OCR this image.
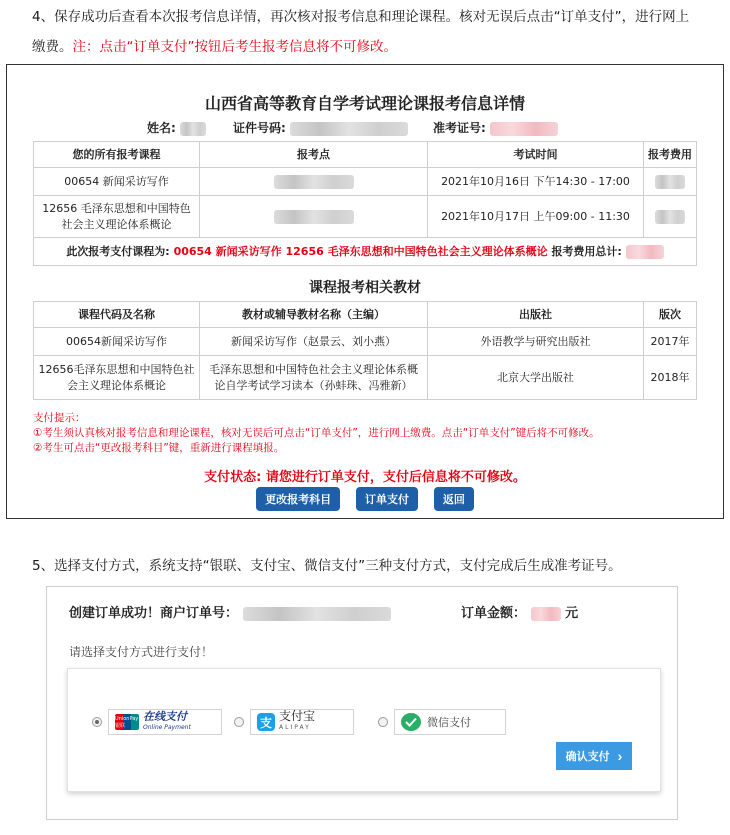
4、保存成功后查看本次报考信息详情，再次核对报考信息和理论课程。核对无误后点击“订单支付”，进行网上
缴费。注：点击“订单支付”按钮后考生报考信息将不可修改。
山西省高等教育自学考试理论课报考信息详情
姓名:	证件号码:	准考证号:
您的所有报考课程	报考点	考试时间	报考费用
00654 新闻采访写作		2021年10月16日 下午14:30 - 17:00	
12656 毛泽东思想和中国特色社会主义理论体系概论		2021年10月17日 上午09:00 - 11:30	
此次报考支付课程为: 00654 新闻采访写作 12656 毛泽东思想和中国特色社会主义理论体系概论 报考费用总计:			
课程报考相关教材
课程代码及名称	教材或辅导教材名称（主编）	出版社	版次
00654新闻采访写作	新闻采访写作（赵景云、刘小燕）	外语教学与研究出版社	2017年
12656毛泽东思想和中国特色社会主义理论体系概论	毛泽东思想和中国特色社会主义理论体系概论自学考试学习读本（孙蚌珠、冯雅新）	北京大学出版社	2018年
支付提示：
①考生须认真核对报考信息和理论课程，核对无误后可点击“订单支付”，进行网上缴费。点击“订单支付”键后将不可修改。
②考生可点击“更改报考科目”键，重新进行课程填报。
支付状态: 请您进行订单支付，支付后信息将不可修改。
更改报考科目	订单支付	返回
5、选择支付方式，系统支持“银联、支付宝、微信支付”三种支付方式，支付完成后生成准考证号。
创建订单成功！商户订单号：	订单金额：	元
请选择支付方式进行支付！
UnionPay 银联
在线支付
Online Payment	支 支付宝
ALIPAY	微信支付
确认支付 ›
